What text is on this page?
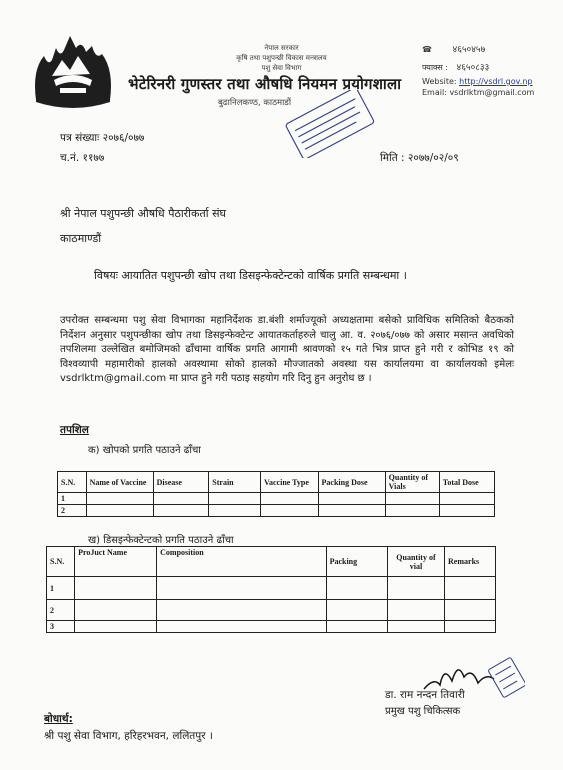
नेपाल सरकार
कृषि तथा पशुपन्छी विकास मन्त्रालय
पशु सेवा विभाग
भेटेरिनरी गुणस्तर तथा औषधि नियमन प्रयोगशाला
बुढानिलकण्ठ, काठमाडौं
☎ ४६५०४५७
फ्याक्स : ४६५०८३३
Website: http://vsdrl.gov.np
Email: vsdrlktm@gmail.com
पत्र संख्याः २०७६/०७७
च.नं. ११७७	मिति : २०७७/०२/०९
श्री नेपाल पशुपन्छी औषधि पैठारीकर्ता संघ
काठमाण्डौं
विषयः आयातित पशुपन्छी खोप तथा डिसइन्फेक्टेन्टको वार्षिक प्रगति सम्बन्धमा ।
उपरोक्त सम्बन्धमा पशु सेवा विभागका महानिर्देशक डा.बंशी शर्माज्यूको अध्यक्षतामा बसेको प्राविधिक समितिको बैठकको निर्देशन अनुसार पशुपन्छीका खोप तथा डिसइन्फेक्टेन्ट आयातकर्ताहरुले चालु आ. व. २०७६/०७७ को असार मसान्त अवधिको तपशिलमा उल्लेखित बमोजिमको ढाँचामा वार्षिक प्रगति आगामी श्रावणको १५ गते भित्र प्राप्त हुने गरी र कोभिड १९ को विश्वव्यापी महामारीको हालको अवस्थामा सोको हालको मौज्जातको अवस्था यस कार्यालयमा वा कार्यालयको इमेलः vsdrlktm@gmail.com मा प्राप्त हुने गरी पठाइ सहयोग गरि दिनु हुन अनुरोध छ ।
तपशिल
क) खोपको प्रगति पठाउने ढाँचा
S.N.	Name of Vaccine	Disease	Strain	Vaccine Type	Packing Dose	Quantity of Vials	Total Dose
1							
2							
ख) डिसइन्फेक्टेन्टको प्रगति पठाउने ढाँचा
S.N.	ProJuct Name	Composition	Packing	Quantity of vial	Remarks
1					
2					
3					
डा. राम नन्दन तिवारी
प्रमुख पशु चिकित्सक
बोधार्थ:
श्री पशु सेवा विभाग, हरिहरभवन, ललितपुर ।
